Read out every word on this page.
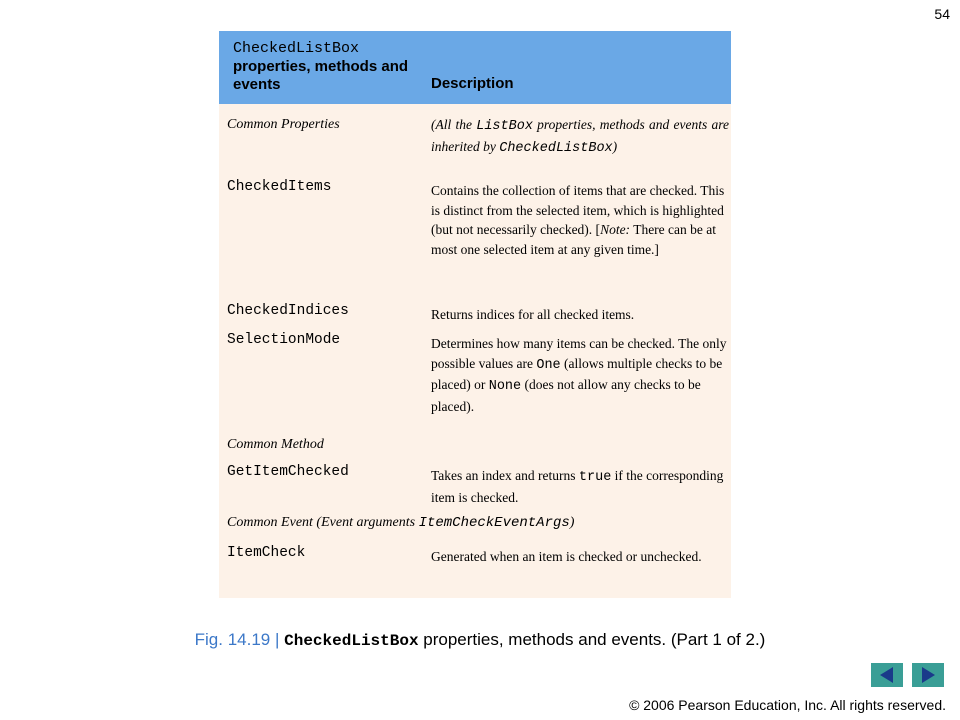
54
CheckedListBox
properties, methods and events	Description
Common Properties	(All the ListBox properties, methods and events are inherited by CheckedListBox)
CheckedItems	Contains the collection of items that are checked. This is distinct from the selected item, which is highlighted (but not necessarily checked). [Note: There can be at most one selected item at any given time.]
CheckedIndices	Returns indices for all checked items.
SelectionMode	Determines how many items can be checked. The only possible values are One (allows multiple checks to be placed) or None (does not allow any checks to be placed).
Common Method
GetItemChecked	Takes an index and returns true if the corresponding item is checked.
Common Event (Event arguments ItemCheckEventArgs)
ItemCheck	Generated when an item is checked or unchecked.
Fig. 14.19 | CheckedListBox properties, methods and events. (Part 1 of 2.)
© 2006 Pearson Education, Inc. All rights reserved.
